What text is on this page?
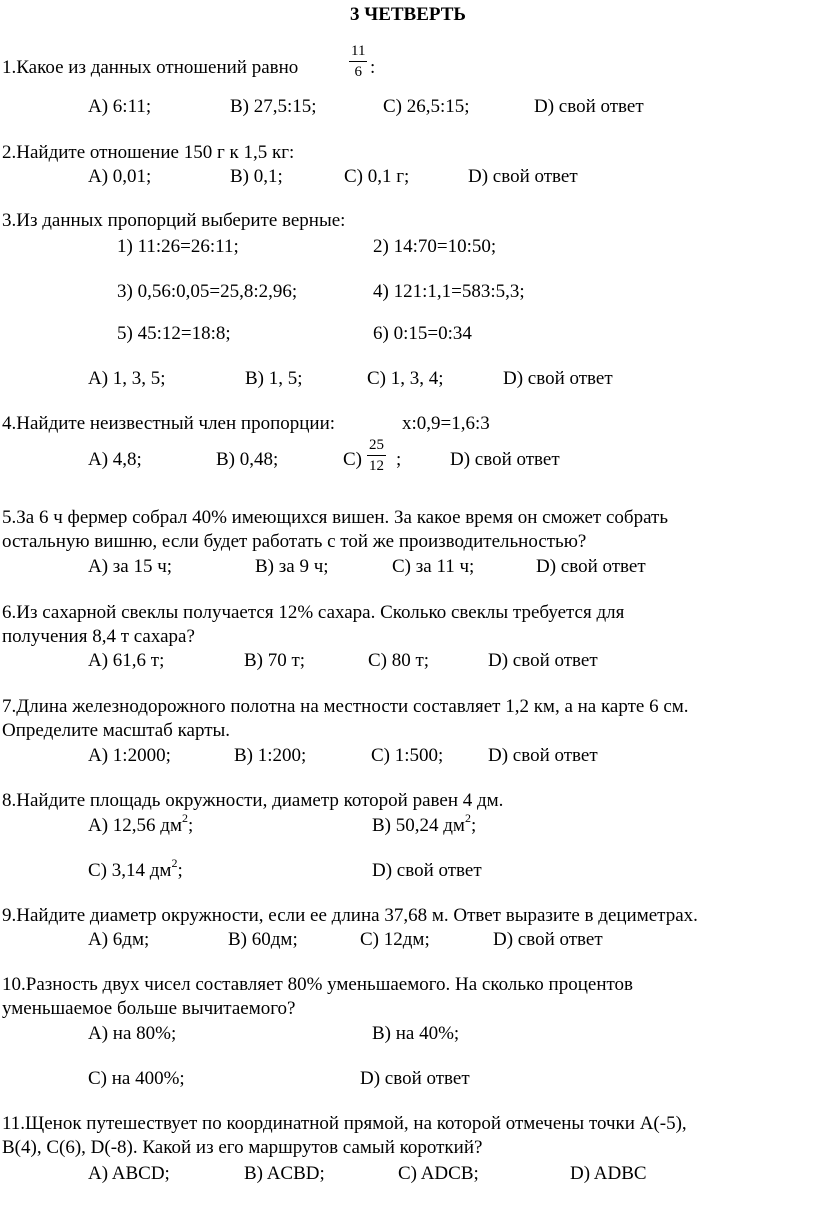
3 ЧЕТВЕРТЬ
1.Какое из данных отношений равно	$\frac{11}{6}$ :
A) 6:11;	B) 27,5:15;	C) 26,5:15;	D) свой ответ
2.Найдите отношение 150 г к 1,5 кг:
A) 0,01;	B) 0,1;	C) 0,1 г;	D) свой ответ
3.Из данных пропорций выберите верные:
1) 11:26=26:11;	2) 14:70=10:50;
3) 0,56:0,05=25,8:2,96;	4) 121:1,1=583:5,3;
5) 45:12=18:8;	6) 0:15=0:34
A) 1, 3, 5;	B) 1, 5;	C) 1, 3, 4;	D) свой ответ
4.Найдите неизвестный член пропорции:	x:0,9=1,6:3
A) 4,8;	B) 0,48;	$C) \frac{25}{12}$ ;	D) свой ответ
5.За 6 ч фермер собрал 40% имеющихся вишен. За какое время он сможет собрать
остальную вишню, если будет работать с той же производительностью?
A) за 15 ч;	B) за 9 ч;	C) за 11 ч;	D) свой ответ
6.Из сахарной свеклы получается 12% сахара. Сколько свеклы требуется для
получения 8,4 т сахара?
A) 61,6 т;	B) 70 т;	C) 80 т;	D) свой ответ
7.Длина железнодорожного полотна на местности составляет 1,2 км, а на карте 6 см.
Определите масштаб карты.
A) 1:2000;	B) 1:200;	C) 1:500; D) свой ответ
8.Найдите площадь окружности, диаметр которой равен 4 дм.
A) 12,56 $дм^2$;	B) 50,24 $дм^2$;
C) 3,14 $дм^2$;	D) свой ответ
9.Найдите диаметр окружности, если ее длина 37,68 м. Ответ выразите в дециметрах.
A) 6дм;	B) 60дм;	C) 12дм;	D) свой ответ
10.Разность двух чисел составляет 80% уменьшаемого. На сколько процентов
уменьшаемое больше вычитаемого?
A) на 80%;	B) на 40%;
C) на 400%;	D) свой ответ
11.Щенок путешествует по координатной прямой, на которой отмечены точки A(-5),
B(4), C(6), D(-8). Какой из его маршрутов самый короткий?
A) ABCD;	B) ACBD;	C) ADCB;	D) ADBC
